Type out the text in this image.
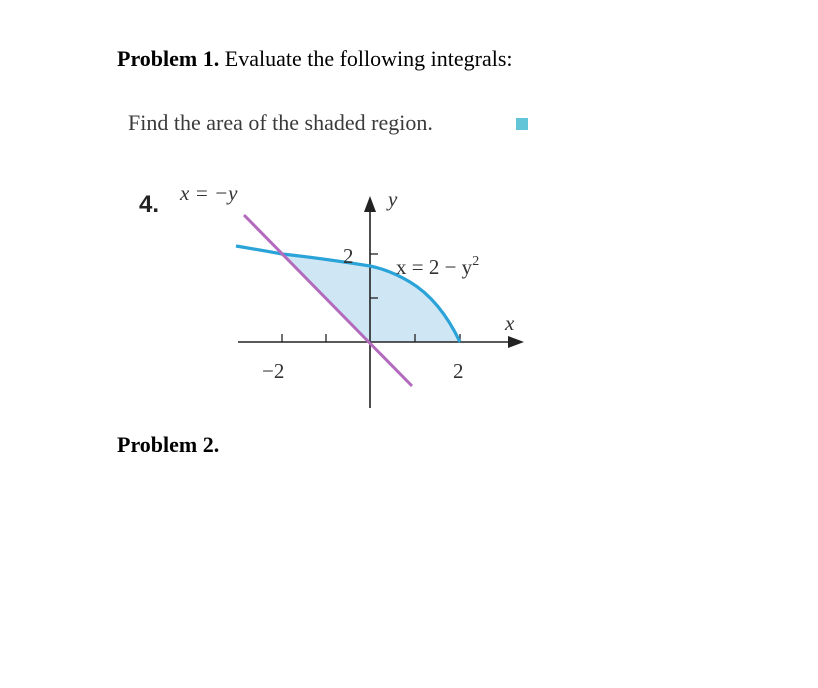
Problem 1. Evaluate the following integrals:
Find the area of the shaded region.
4. x = −y	y
2 $x = 2 - y^2$
x
−2	2
Problem 2.
